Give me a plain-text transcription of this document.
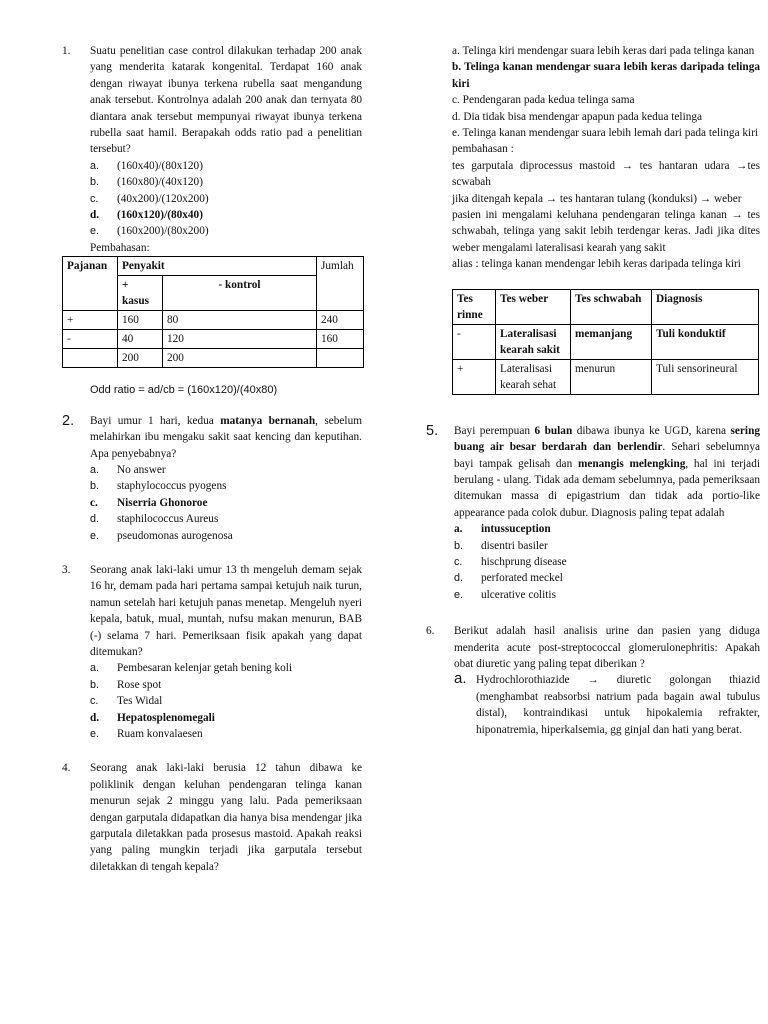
1. Suatu penelitian case control dilakukan terhadap 200 anak yang menderita katarak kongenital. Terdapat 160 anak dengan riwayat ibunya terkena rubella saat mengandung anak tersebut. Kontrolnya adalah 200 anak dan ternyata 80 diantara anak tersebut mempunyai riwayat ibunya terkena rubella saat hamil. Berapakah odds ratio pad a penelitian tersebut?
a. (160x40)/(80x120)
b. (160x80)/(40x120)
c. (40x200)/(120x200)
d. (160x120)/(80x40)
e. (160x200)/(80x200)
Pembahasan:
Pajanan	Penyakit		Jumlah
	+ kasus	- kontrol	
+	160	80	240
-	40	120	160
	200	200	
Odd ratio = ad/cb = (160x120)/(40x80)
2. Bayi umur 1 hari, kedua matanya bernanah, sebelum melahirkan ibu mengaku sakit saat kencing dan keputihan. Apa penyebabnya?
a. No answer
b. staphylococcus pyogens
c. Niserria Ghonoroe
d. staphilococcus Aureus
e. pseudomonas aurogenosa
3. Seorang anak laki-laki umur 13 th mengeluh demam sejak 16 hr, demam pada hari pertama sampai ketujuh naik turun, namun setelah hari ketujuh panas menetap. Mengeluh nyeri kepala, batuk, mual, muntah, nufsu makan menurun, BAB (-) selama 7 hari. Pemeriksaan fisik apakah yang dapat ditemukan?
a. Pembesaran kelenjar getah bening koli
b. Rose spot
c. Tes Widal
d. Hepatosplenomegali
e. Ruam konvalaesen
4. Seorang anak laki-laki berusia 12 tahun dibawa ke poliklinik dengan keluhan pendengaran telinga kanan menurun sejak 2 minggu yang lalu. Pada pemeriksaan dengan garputala didapatkan dia hanya bisa mendengar jika garputala diletakkan pada prosesus mastoid. Apakah reaksi yang paling mungkin terjadi jika garputala tersebut diletakkan di tengah kepala?
a. Telinga kiri mendengar suara lebih keras dari pada telinga kanan
b. Telinga kanan mendengar suara lebih keras daripada telinga kiri
c. Pendengaran pada kedua telinga sama
d. Dia tidak bisa mendengar apapun pada kedua telinga
e. Telinga kanan mendengar suara lebih lemah dari pada telinga kiri
pembahasan :
tes garputala diprocessus mastoid → tes hantaran udara →tes scwabah
jika ditengah kepala → tes hantaran tulang (konduksi) → weber
pasien ini mengalami keluhana pendengaran telinga kanan → tes schwabah, telinga yang sakit lebih terdengar keras. Jadi jika dites weber mengalami lateralisasi kearah yang sakit
alias : telinga kanan mendengar lebih keras daripada telinga kiri
Tes rinne	Tes weber	Tes schwabah	Diagnosis
-	Lateralisasi kearah sakit	memanjang	Tuli konduktif
+	Lateralisasi kearah sehat	menurun	Tuli sensorineural
5. Bayi perempuan 6 bulan dibawa ibunya ke UGD, karena sering buang air besar berdarah dan berlendir. Sehari sebelumnya bayi tampak gelisah dan menangis melengking, hal ini terjadi berulang - ulang. Tidak ada demam sebelumnya, pada pemeriksaan ditemukan massa di epigastrium dan tidak ada portio-like appearance pada colok dubur. Diagnosis paling tepat adalah
a. intussuception
b. disentri basiler
c. hischprung disease
d. perforated meckel
e. ulcerative colitis
6. Berikut adalah hasil analisis urine dan pasien yang diduga menderita acute post-streptococcal glomerulonephritis: Apakah obat diuretic yang paling tepat diberikan ?
a. Hydrochlorothiazide → diuretic golongan thiazid (menghambat reabsorbsi natrium pada bagain awal tubulus distal), kontraindikasi untuk hipokalemia refrakter, hiponatremia, hiperkalsemia, gg ginjal dan hati yang berat.
